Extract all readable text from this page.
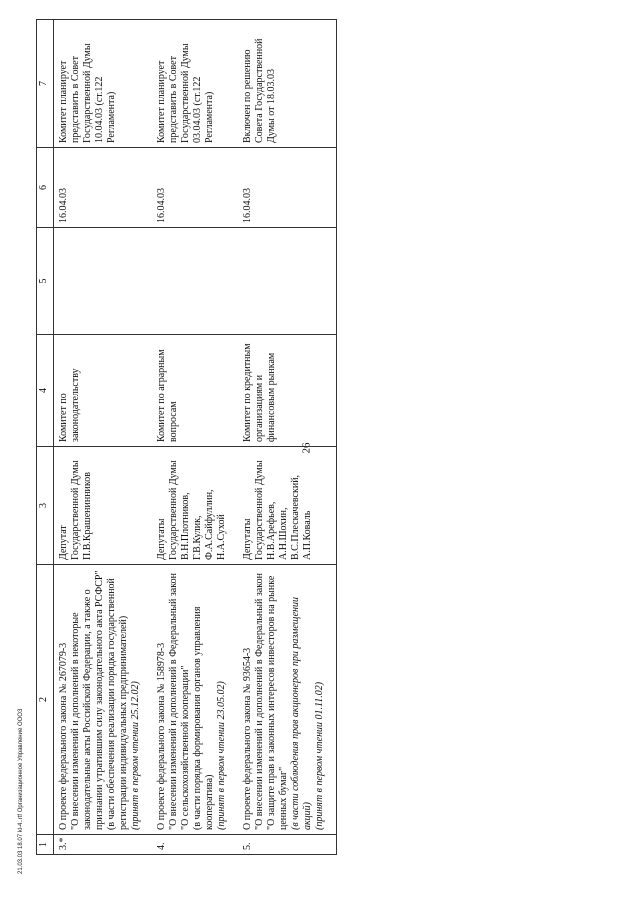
26
21.03.03 18.07 kl-4..rtf Организационное Управление ООО3 1	2	3	4	5	6	7
3.*	О проекте федерального закона № 267079-3 "О внесении изменений и дополнений в некоторые законодательные акты Российской Федерации, а также о признании утратившим силу законодательного акта РСФСР" (в части обеспечения реализации порядка государственной регистрации индивидуальных предпринимателей) (принят в первом чтении 25.12.02)	Депутат Государственной Думы П.В.Крашенинников	Комитет по законодательству		16.04.03	Комитет планирует представить в Совет Государственной Думы 10.04.03 (ст.122 Регламента)
4.	О проекте федерального закона № 158978-3 "О внесении изменений и дополнений в Федеральный закон "О сельскохозяйственной кооперации" (в части порядка формирования органов управления кооператива) (принят в первом чтении 23.05.02)	Депутаты Государственной Думы В.Н.Плотников, Г.В.Кулик, Ф.А.Сайфуллин, Н.А.Сухой	Комитет по аграрным вопросам		16.04.03	Комитет планирует представить в Совет Государственной Думы 03.04.03 (ст.122 Регламента)
5.	О проекте федерального закона № 93654-3 "О внесении изменений и дополнений в Федеральный закон "О защите прав и законных интересов инвесторов на рынке ценных бумаг" (в части соблюдения прав акционеров при размещении акций) (принят в первом чтении 01.11.02)	Депутаты Государственной Думы Н.В.Арефьев, А.Н.Шохин, В.С.Плескачевский, А.П.Коваль	Комитет по кредитным организациям и финансовым рынкам		16.04.03	Включен по решению Совета Государственной Думы от 18.03.03
